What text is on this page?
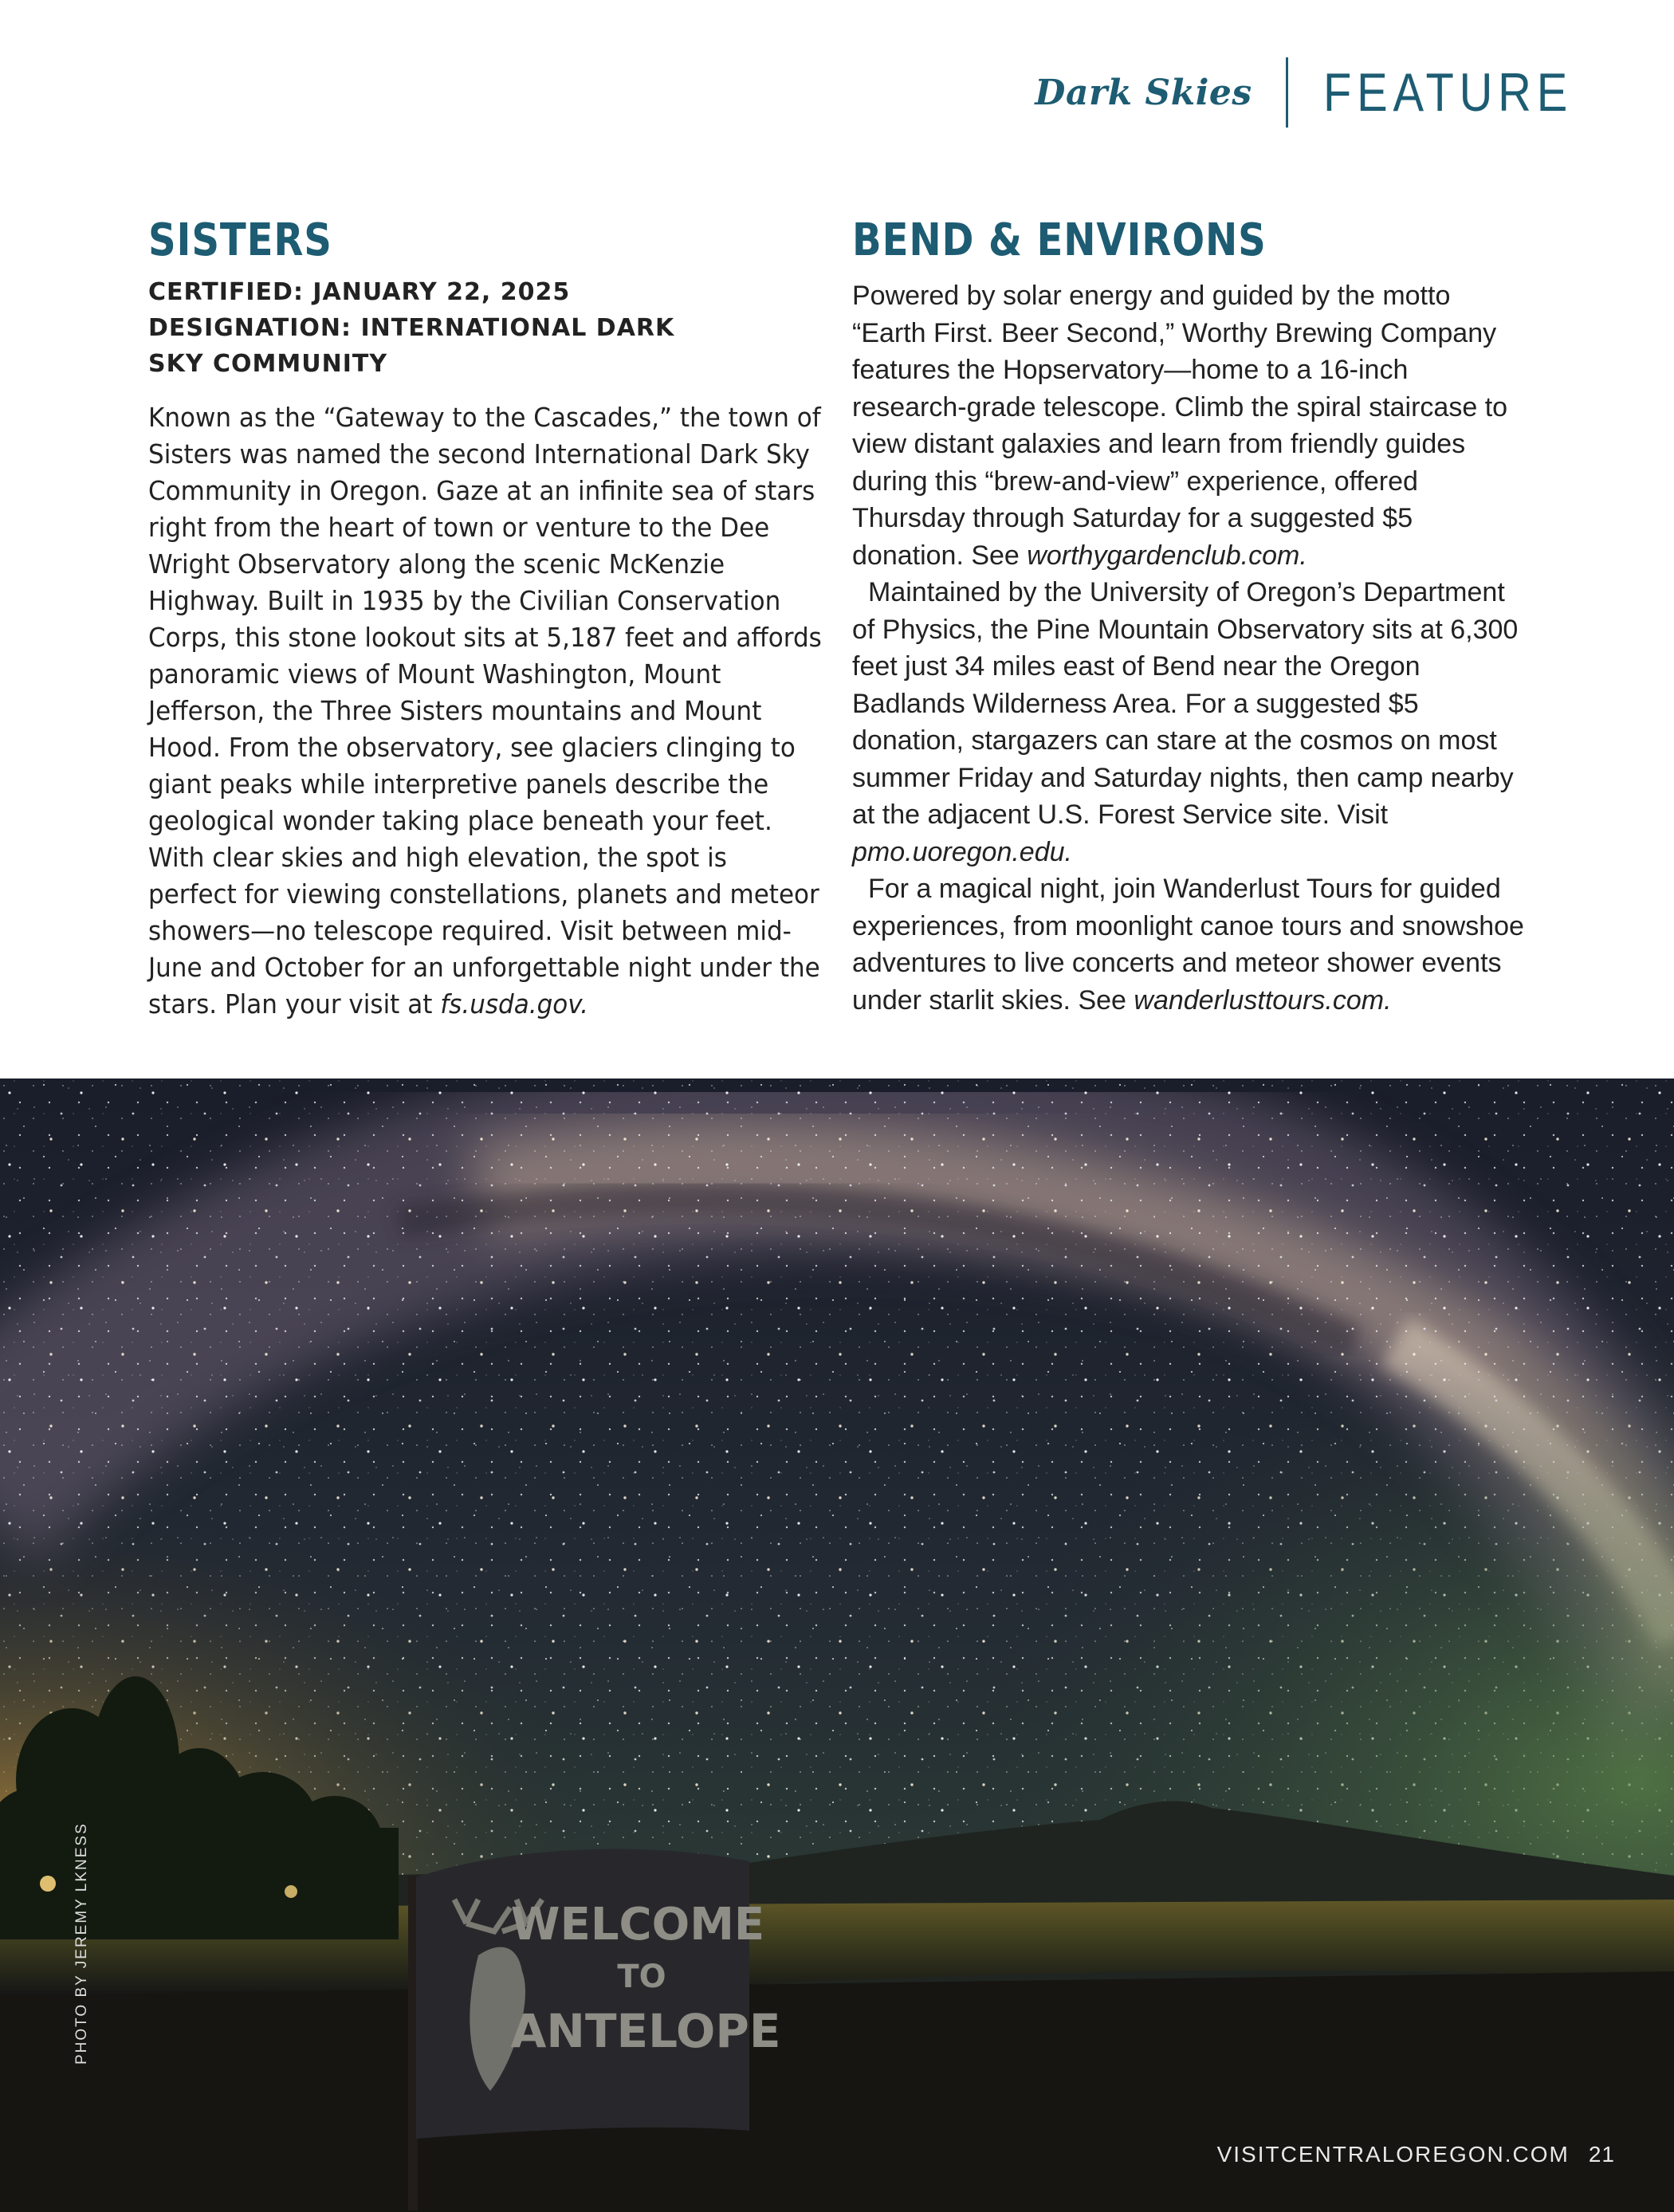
Dark Skies FEATURE
SISTERS
CERTIFIED: JANUARY 22, 2025
DESIGNATION: INTERNATIONAL DARK
SKY COMMUNITY
Known as the “Gateway to the Cascades,” the town of Sisters was named the second International Dark Sky Community in Oregon. Gaze at an infinite sea of stars right from the heart of town or venture to the Dee Wright Observatory along the scenic McKenzie Highway. Built in 1935 by the Civilian Conservation Corps, this stone lookout sits at 5,187 feet and affords panoramic views of Mount Washington, Mount Jefferson, the Three Sisters mountains and Mount Hood. From the observatory, see glaciers clinging to giant peaks while interpretive panels describe the geological wonder taking place beneath your feet. With clear skies and high elevation, the spot is perfect for viewing constellations, planets and meteor showers—no telescope required. Visit between mid-June and October for an unforgettable night under the stars. Plan your visit at fs.usda.gov.
BEND & ENVIRONS

Powered by solar energy and guided by the motto “Earth First. Beer Second,” Worthy Brewing Company features the Hopservatory—home to a 16-inch research-grade telescope. Climb the spiral staircase to view distant galaxies and learn from friendly guides during this “brew-and-view” experience, offered Thursday through Saturday for a suggested $5 donation. See worthygardenclub.com.

Maintained by the University of Oregon’s Department of Physics, the Pine Mountain Observatory sits at 6,300 feet just 34 miles east of Bend near the Oregon Badlands Wilderness Area. For a suggested $5 donation, stargazers can stare at the cosmos on most summer Friday and Saturday nights, then camp nearby at the adjacent U.S. Forest Service site. Visit pmo.uoregon.edu.

For a magical night, join Wanderlust Tours for guided experiences, from moonlight canoe tours and snowshoe adventures to live concerts and meteor shower events under starlit skies. See wanderlusttours.com.

WELCOME
TO
ANTELOPE
PHOTO BY JEREMY LKNESS
VISITCENTRALOREGON.COM 21
